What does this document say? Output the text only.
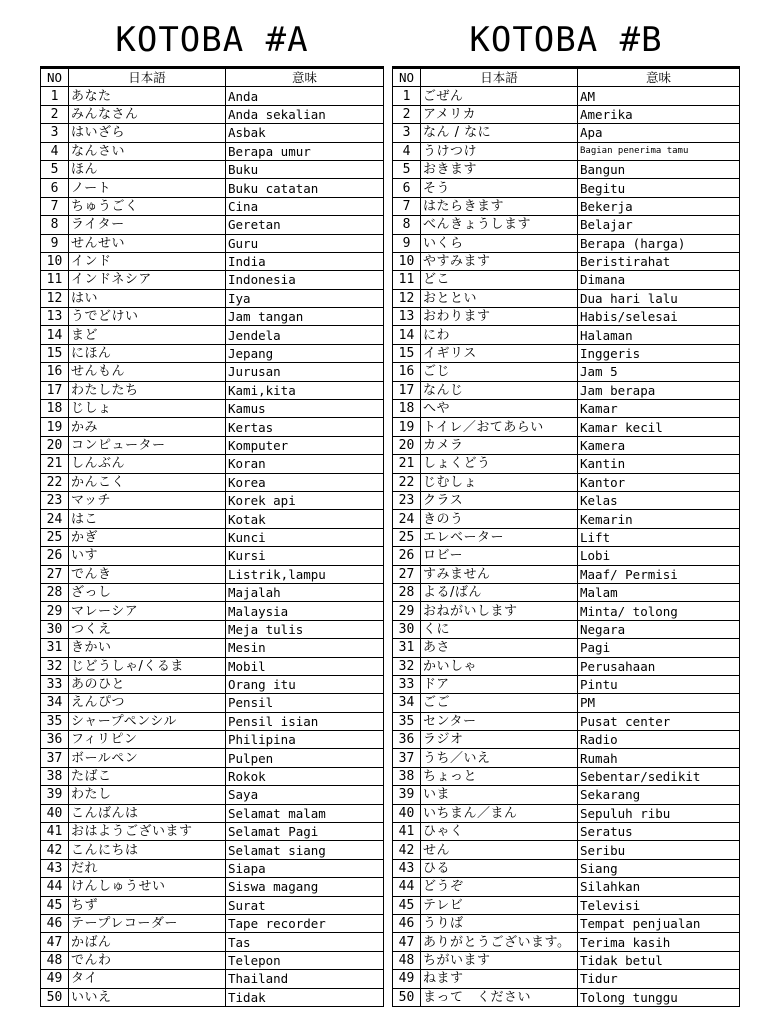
KOTOBA #A	KOTOBA #B
NO	日本語	意味
1	あなた	Anda
2	みんなさん	Anda sekalian
3	はいざら	Asbak
4	なんさい	Berapa umur
5	ほん	Buku
6	ノート	Buku catatan
7	ちゅうごく	Cina
8	ライター	Geretan
9	せんせい	Guru
10	インド	India
11	インドネシア	Indonesia
12	はい	Iya
13	うでどけい	Jam tangan
14	まど	Jendela
15	にほん	Jepang
16	せんもん	Jurusan
17	わたしたち	Kami,kita
18	じしょ	Kamus
19	かみ	Kertas
20	コンピューター	Komputer
21	しんぶん	Koran
22	かんこく	Korea
23	マッチ	Korek api
24	はこ	Kotak
25	かぎ	Kunci
26	いす	Kursi
27	でんき	Listrik,lampu
28	ざっし	Majalah
29	マレーシア	Malaysia
30	つくえ	Meja tulis
31	きかい	Mesin
32	じどうしゃ/くるま	Mobil
33	あのひと	Orang itu
34	えんぴつ	Pensil
35	シャープペンシル	Pensil isian
36	フィリピン	Philipina
37	ボールペン	Pulpen
38	たばこ	Rokok
39	わたし	Saya
40	こんばんは	Selamat malam
41	おはようございます	Selamat Pagi
42	こんにちは	Selamat siang
43	だれ	Siapa
44	けんしゅうせい	Siswa magang
45	ちず	Surat
46	テープレコーダー	Tape recorder
47	かばん	Tas
48	でんわ	Telepon
49	タイ	Thailand
50	いいえ	Tidak
NO	日本語	意味
1	ごぜん	AM
2	アメリカ	Amerika
3	なん / なに	Apa
4	うけつけ	Bagian penerima tamu
5	おきます	Bangun
6	そう	Begitu
7	はたらきます	Bekerja
8	べんきょうします	Belajar
9	いくら	Berapa (harga)
10	やすみます	Beristirahat
11	どこ	Dimana
12	おととい	Dua hari lalu
13	おわります	Habis/selesai
14	にわ	Halaman
15	イギリス	Inggeris
16	ごじ	Jam 5
17	なんじ	Jam berapa
18	へや	Kamar
19	トイレ／おてあらい	Kamar kecil
20	カメラ	Kamera
21	しょくどう	Kantin
22	じむしょ	Kantor
23	クラス	Kelas
24	きのう	Kemarin
25	エレベーター	Lift
26	ロビー	Lobi
27	すみません	Maaf/ Permisi
28	よる/ばん	Malam
29	おねがいします	Minta/ tolong
30	くに	Negara
31	あさ	Pagi
32	かいしゃ	Perusahaan
33	ドア	Pintu
34	ごご	PM
35	センター	Pusat center
36	ラジオ	Radio
37	うち／いえ	Rumah
38	ちょっと	Sebentar/sedikit
39	いま	Sekarang
40	いちまん／まん	Sepuluh ribu
41	ひゃく	Seratus
42	せん	Seribu
43	ひる	Siang
44	どうぞ	Silahkan
45	テレビ	Televisi
46	うりば	Tempat penjualan
47	ありがとうございます。	Terima kasih
48	ちがいます	Tidak betul
49	ねます	Tidur
50	まって　ください	Tolong tunggu
